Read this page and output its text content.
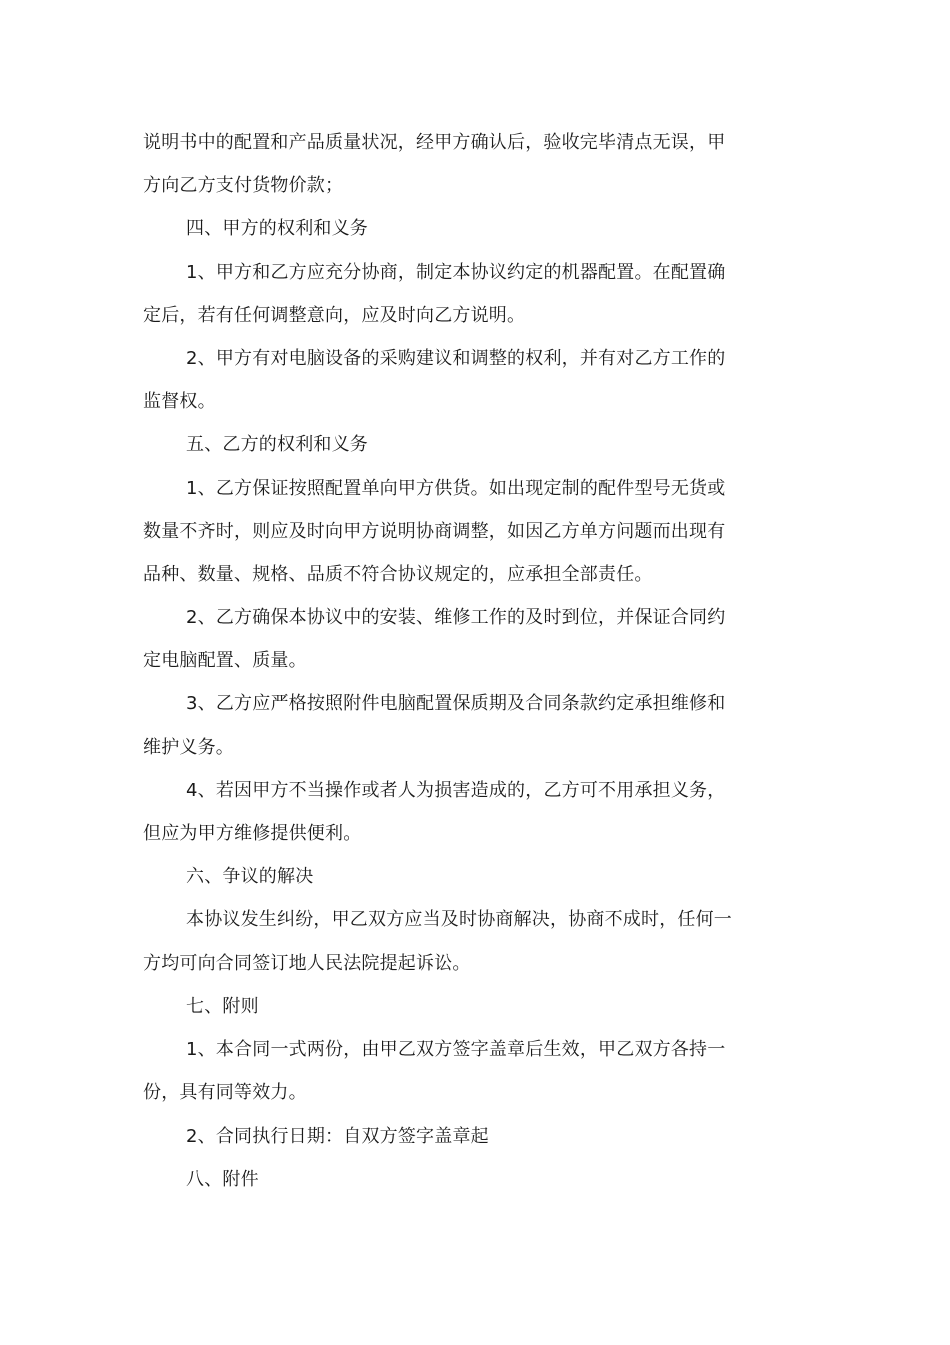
说明书中的配置和产品质量状况，经甲方确认后，验收完毕清点无误，甲
方向乙方支付货物价款；
四、甲方的权利和义务
1、甲方和乙方应充分协商，制定本协议约定的机器配置。在配置确
定后，若有任何调整意向，应及时向乙方说明。
2、甲方有对电脑设备的采购建议和调整的权利，并有对乙方工作的
监督权。
五、乙方的权利和义务
1、乙方保证按照配置单向甲方供货。如出现定制的配件型号无货或
数量不齐时，则应及时向甲方说明协商调整，如因乙方单方问题而出现有
品种、数量、规格、品质不符合协议规定的，应承担全部责任。
2、乙方确保本协议中的安装、维修工作的及时到位，并保证合同约
定电脑配置、质量。
3、乙方应严格按照附件电脑配置保质期及合同条款约定承担维修和
维护义务。
4、若因甲方不当操作或者人为损害造成的，乙方可不用承担义务，
但应为甲方维修提供便利。
六、争议的解决
本协议发生纠纷，甲乙双方应当及时协商解决，协商不成时，任何一
方均可向合同签订地人民法院提起诉讼。
七、附则
1、本合同一式两份，由甲乙双方签字盖章后生效，甲乙双方各持一
份，具有同等效力。
2、合同执行日期：自双方签字盖章起
八、附件
